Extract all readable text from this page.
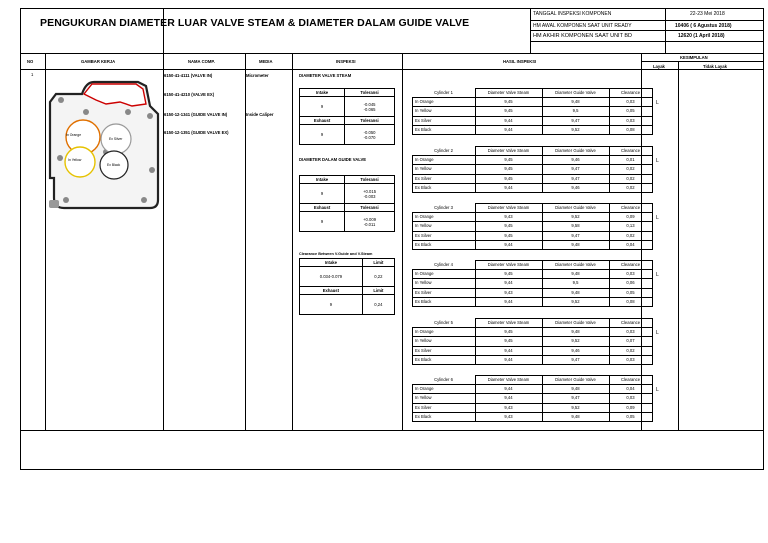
PENGUKURAN DIAMETER LUAR VALVE STEAM & DIAMETER DALAM GUIDE VALVE
TANGGAL INSPEKSI KOMPONEN	22-23 Mei 2018
HM AWAL KOMPONEN SAAT UNIT READY	10406 ( 6 Agustus 2018)
HM AKHIR KOMPONEN SAAT UNIT BD	12620 (1 April 2018)
NO	GAMBAR KERJA	NAMA COMP.	MEDIA	INSPEKSI	HASIL INSPEKSI
KESIMPULAN
Layak	Tidak Layak
1
In Orange
Ex Silver
In Yellow
Ex Black
6150-41-4111 (VALVE IN)
6150-41-4210 (VALVE EX)
6150-12-1341 (GUIDE VALVE IN)
6150-12-1351 (GUIDE VALVE EX)
Micrometer
Inside Caliper
DIAMETER VALVE STEAM
Intake	Toleransi
9	-0.045
-0.065

Exhaust	Toleransi
9	-0.050
-0.070
DIAMETER DALAM GUIDE VALVE
Intake	Toleransi
9	+0.015
-0.003

Exhaust	Toleransi
9	+0.009
-0.011
Clearance Between V.Guide and V.Steam
Intake	Limit
0.034-0.079	0,22
Exhaust	Limit
9	0,24
Cylinder 1	Diameter Valve Steam	Diameter Guide Valve	Clearance
In Orange	9,45	9,48	0,03
In Yellow	9,45	9,5	0,05
Ex Silver	9,44	9,47	0,03
Ex Black	9,44	9,52	0,08
L
Cylinder 2	Diameter Valve Steam	Diameter Guide Valve	Clearance
In Orange	9,45	9,46	0,01
In Yellow	9,45	9,47	0,02
Ex Silver	9,45	9,47	0,02
Ex Black	9,44	9,46	0,02
L
Cylinder 3	Diameter Valve Steam	Diameter Guide Valve	Clearance
In Orange	9,43	9,52	0,09
In Yellow	9,45	9,58	0,13
Ex Silver	9,45	9,47	0,02
Ex Black	9,44	9,48	0,04
L
Cylinder 4	Diameter Valve Steam	Diameter Guide Valve	Clearance
In Orange	9,45	9,48	0,03
In Yellow	9,44	9,5	0,06
Ex Silver	9,43	9,48	0,05
Ex Black	9,44	9,52	0,08
L
Cylinder 5	Diameter Valve Steam	Diameter Guide Valve	Clearance
In Orange	9,45	9,48	0,03
In Yellow	9,45	9,52	0,07
Ex Silver	9,44	9,46	0,02
Ex Black	9,44	9,47	0,03
L
Cylinder 6	Diameter Valve Steam	Diameter Guide Valve	Clearance
In Orange	9,44	9,48	0,04
In Yellow	9,44	9,47	0,03
Ex Silver	9,43	9,52	0,09
Ex Black	9,43	9,48	0,05
L
